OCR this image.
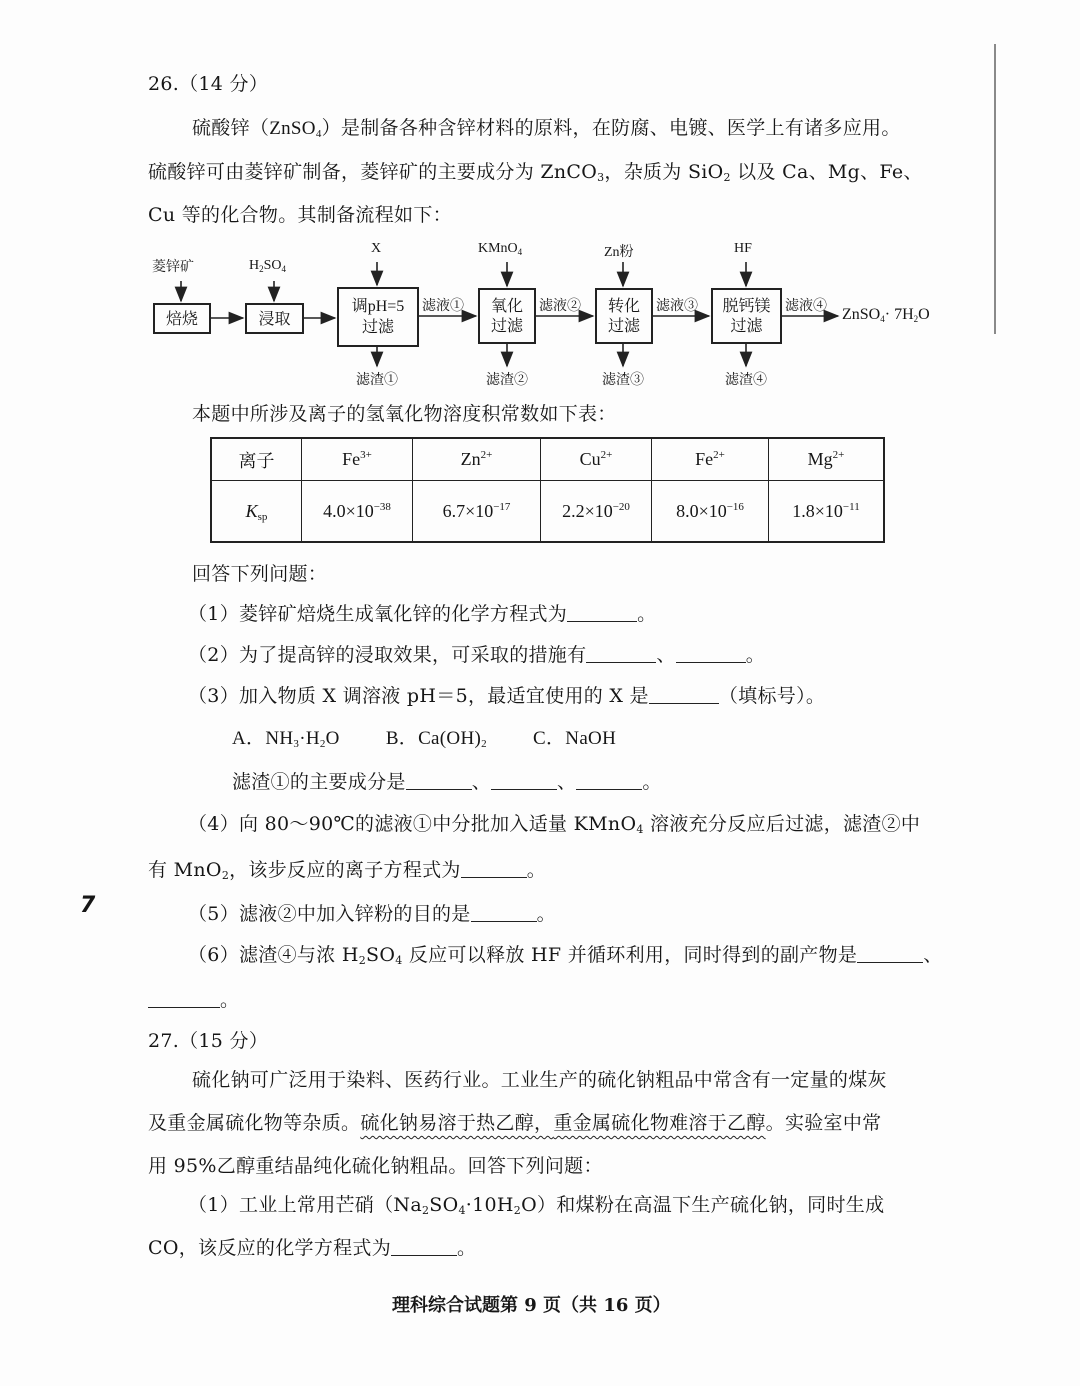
26.（14 分）
硫酸锌（ZnSO$_4$）是制备各种含锌材料的原料，在防腐、电镀、医学上有诸多应用。
硫酸锌可由菱锌矿制备，菱锌矿的主要成分为 ZnCO$_3$，杂质为 SiO$_2$ 以及 Ca、Mg、Fe、
Cu 等的化合物。其制备流程如下：
菱锌矿	$H_2SO_4$
X	KMnO$_4$	Zn粉	HF
焙烧	浸取
调pH=5
过滤
氧化
过滤
转化
过滤
脱钙镁
过滤
滤液①	滤液②	滤液③	滤液④ ZnSO$_4$· $7H_2O$
滤渣①	滤渣②	滤渣③	滤渣④
本题中所涉及离子的氢氧化物溶度积常数如下表：
离子	$Fe^{3+}$	$Zn^{2+}$	$Cu^{2+}$	$Fe^{2+}$	$Mg^{2+}$
$K_{sp}$	$4.0\times 10^{-38}$	$6.7\times 10^{-17}$	$2.2\times 10^{-20}$	$8.0\times 10^{-16}$	$1.8\times 10^{-11}$
回答下列问题：
（1）菱锌矿焙烧生成氧化锌的化学方程式为	。
（2）为了提高锌的浸取效果，可采取的措施有	、	。
（3）加入物质 X 调溶液 pH＝5，最适宜使用的 X 是	（填标号）。
A．$NH_3\cdot H_2O$ B．$Ca(OH)_2$ C．NaOH
滤渣①的主要成分是	、	、	。
（4）向 80～90℃的滤液①中分批加入适量 KMnO$_4$ 溶液充分反应后过滤，滤渣②中
有 MnO$_2$，该步反应的离子方程式为	。
7	（5）滤液②中加入锌粉的目的是	。
（6）滤渣④与浓 $H_2SO_4$ 反应可以释放 HF 并循环利用，同时得到的副产物是	、
。
27.（15 分）
硫化钠可广泛用于染料、医药行业。工业生产的硫化钠粗品中常含有一定量的煤灰
及重金属硫化物等杂质。硫化钠易溶于热乙醇，重金属硫化物难溶于乙醇。实验室中常
用 95%乙醇重结晶纯化硫化钠粗品。回答下列问题：
（1）工业上常用芒硝$(Na_2SO_4\cdot 10H_2O)$和煤粉在高温下生产硫化钠，同时生成
CO，该反应的化学方程式为	。
理科综合试题第 9 页（共 16 页）
